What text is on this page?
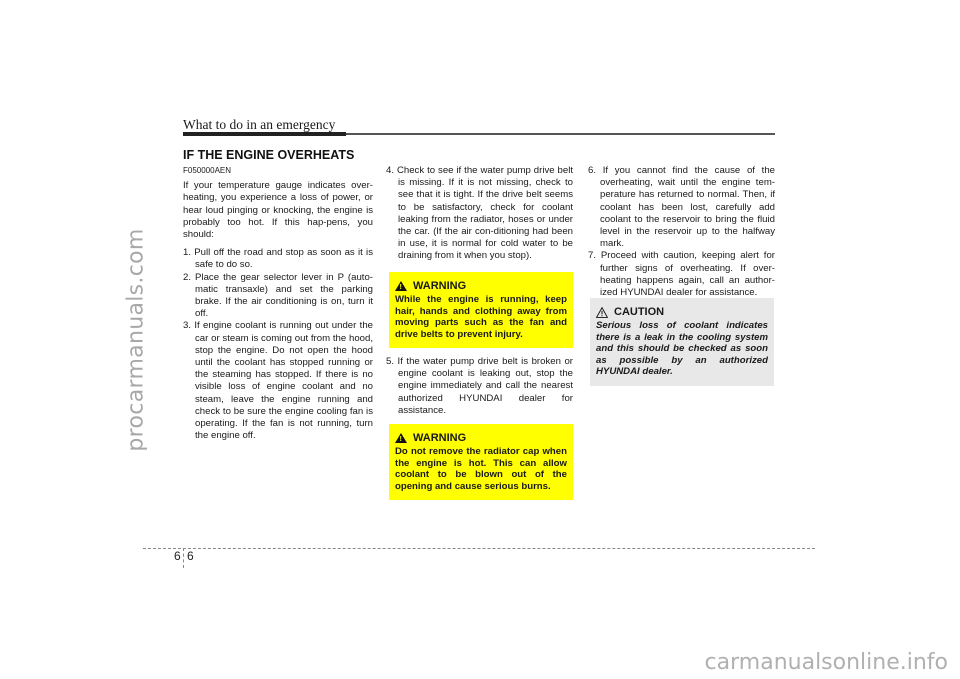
procarmanuals.com
carmanualsonline.info
What to do in an emergency
IF THE ENGINE OVERHEATS
F050000AEN

If your temperature gauge indicates over-heating, you experience a loss of power, or hear loud pinging or knocking, the engine is probably too hot. If this hap-pens, you should:

1. Pull off the road and stop as soon as it is safe to do so.

2. Place the gear selector lever in P (auto-matic transaxle) and set the parking brake. If the air conditioning is on, turn it off.

3. If engine coolant is running out under the car or steam is coming out from the hood, stop the engine. Do not open the hood until the coolant has stopped running or the steaming has stopped. If there is no visible loss of engine coolant and no steam, leave the engine running and check to be sure the engine cooling fan is operating. If the fan is not running, turn the engine off.

4. Check to see if the water pump drive belt is missing. If it is not missing, check to see that it is tight. If the drive belt seems to be satisfactory, check for coolant leaking from the radiator, hoses or under the car. (If the air con-ditioning had been in use, it is normal for cold water to be draining from it when you stop).

5. If the water pump drive belt is broken or engine coolant is leaking out, stop the engine immediately and call the nearest authorized HYUNDAI dealer for assistance.

! WARNING
While the engine is running, keep hair, hands and clothing away from moving parts such as the fan and drive belts to prevent injury.
! WARNING
Do not remove the radiator cap when the engine is hot. This can allow coolant to be blown out of the opening and cause serious burns.

6. If you cannot find the cause of the overheating, wait until the engine tem-perature has returned to normal. Then, if coolant has been lost, carefully add coolant to the reservoir to bring the fluid level in the reservoir up to the halfway mark.

7. Proceed with caution, keeping alert for further signs of overheating. If over-heating happens again, call an author-ized HYUNDAI dealer for assistance.

CAUTION
Serious loss of coolant indicates there is a leak in the cooling system and this should be checked as soon as possible by an authorized HYUNDAI dealer.
6 6
